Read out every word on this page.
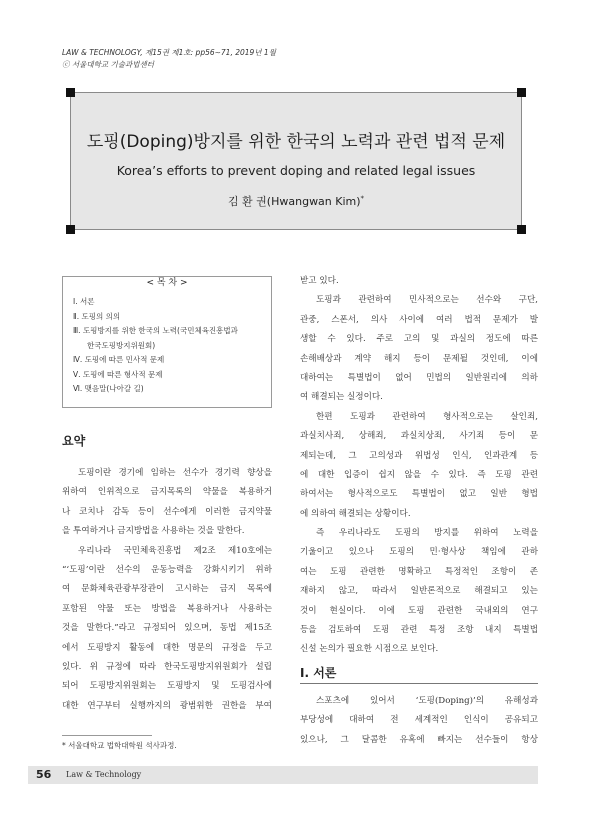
LAW & TECHNOLOGY, 제15권 제1호: pp56∼71, 2019년 1월
ⓒ 서울대학교 기술과법센터
도핑(Doping)방지를 위한 한국의 노력과 관련 법적 문제
Korea’s efforts to prevent doping and related legal issues
김 환 권(Hwangwan Kim)*
< 목 차 >
Ⅰ. 서론
Ⅱ. 도핑의 의의
Ⅲ. 도핑방지를 위한 한국의 노력(국민체육진흥법과
한국도핑방지위원회)
Ⅳ. 도핑에 따른 민사적 문제
Ⅴ. 도핑에 따른 형사적 문제
Ⅵ. 맺음말(나아갈 길)
요약
도핑이란 경기에 임하는 선수가 경기력 향상을
위하여 인위적으로 금지목록의 약물을 복용하거
나 코치나 감독 등이 선수에게 이러한 금지약물
을 투여하거나 금지방법을 사용하는 것을 말한다.
우리나라 국민체육진흥법 제2조 제10호에는
“‘도핑’이란 선수의 운동능력을 강화시키기 위하
여 문화체육관광부장관이 고시하는 금지 목록에
포함된 약물 또는 방법을 복용하거나 사용하는
것을 말한다.”라고 규정되어 있으며, 동법 제15조
에서 도핑방지 활동에 대한 명문의 규정을 두고
있다. 위 규정에 따라 한국도핑방지위원회가 설립
되어 도핑방지위원회는 도핑방지 및 도핑검사에
대한 연구부터 실행까지의 광범위한 권한을 부여
받고 있다.
도핑과 관련하여 민사적으로는 선수와 구단,
관중, 스폰서, 의사 사이에 여러 법적 문제가 발
생할 수 있다. 주로 고의 및 과실의 정도에 따른
손해배상과 계약 해지 등이 문제될 것인데, 이에
대하여는 특별법이 없어 민법의 일반원리에 의하
여 해결되는 실정이다.
한편 도핑과 관련하여 형사적으로는 살인죄,
과실치사죄, 상해죄, 과실치상죄, 사기죄 등이 문
제되는데, 그 고의성과 위법성 인식, 인과관계 등
에 대한 입증이 쉽지 않을 수 있다. 즉 도핑 관련
하여서는 형사적으로도 특별법이 없고 일반 형법
에 의하여 해결되는 상황이다.
즉 우리나라도 도핑의 방지를 위하여 노력을
기울이고 있으나 도핑의 민·형사상 책임에 관하
여는 도핑 관련한 명확하고 특정적인 조항이 존
재하지 않고, 따라서 일반론적으로 해결되고 있는
것이 현실이다. 이에 도핑 관련한 국내외의 연구
등을 검토하여 도핑 관련 특정 조항 내지 특별법
신설 논의가 필요한 시점으로 보인다.
Ⅰ. 서론
스포츠에 있어서 ‘도핑(Doping)’의 유해성과
부당성에 대하여 전 세계적인 인식이 공유되고
있으나, 그 달콤한 유혹에 빠지는 선수들이 항상
* 서울대학교 법학대학원 석사과정.
56 Law & Technology
